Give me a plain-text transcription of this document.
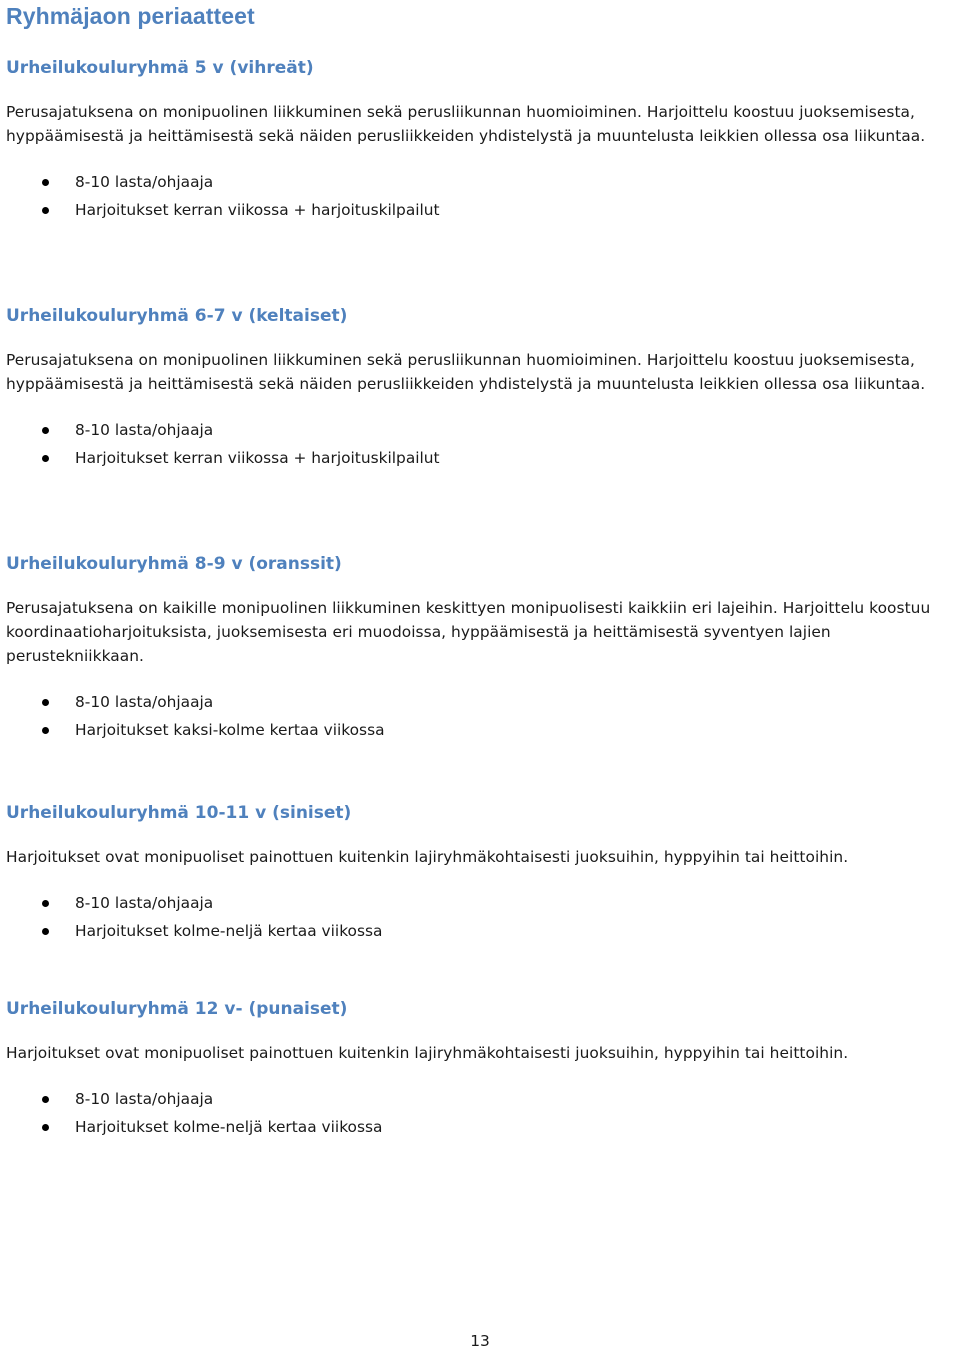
Ryhmäjaon periaatteet
Urheilukouluryhmä 5 v (vihreät)

Perusajatuksena on monipuolinen liikkuminen sekä perusliikunnan huomioiminen. Harjoittelu koostuu juoksemisesta, hyppäämisestä ja heittämisestä sekä näiden perusliikkeiden yhdistelystä ja muuntelusta leikkien ollessa osa liikuntaa.

8-10 lasta/ohjaaja
Harjoitukset kerran viikossa + harjoituskilpailut
Urheilukouluryhmä 6-7 v (keltaiset)

Perusajatuksena on monipuolinen liikkuminen sekä perusliikunnan huomioiminen. Harjoittelu koostuu juoksemisesta, hyppäämisestä ja heittämisestä sekä näiden perusliikkeiden yhdistelystä ja muuntelusta leikkien ollessa osa liikuntaa.

8-10 lasta/ohjaaja
Harjoitukset kerran viikossa + harjoituskilpailut
Urheilukouluryhmä 8-9 v (oranssit)

Perusajatuksena on kaikille monipuolinen liikkuminen keskittyen monipuolisesti kaikkiin eri lajeihin. Harjoittelu koostuu koordinaatioharjoituksista, juoksemisesta eri muodoissa, hyppäämisestä ja heittämisestä syventyen lajien perustekniikkaan.

8-10 lasta/ohjaaja
Harjoitukset kaksi-kolme kertaa viikossa
Urheilukouluryhmä 10-11 v (siniset)

Harjoitukset ovat monipuoliset painottuen kuitenkin lajiryhmäkohtaisesti juoksuihin, hyppyihin tai heittoihin.

8-10 lasta/ohjaaja
Harjoitukset kolme-neljä kertaa viikossa
Urheilukouluryhmä 12 v- (punaiset)

Harjoitukset ovat monipuoliset painottuen kuitenkin lajiryhmäkohtaisesti juoksuihin, hyppyihin tai heittoihin.

8-10 lasta/ohjaaja
Harjoitukset kolme-neljä kertaa viikossa
13
